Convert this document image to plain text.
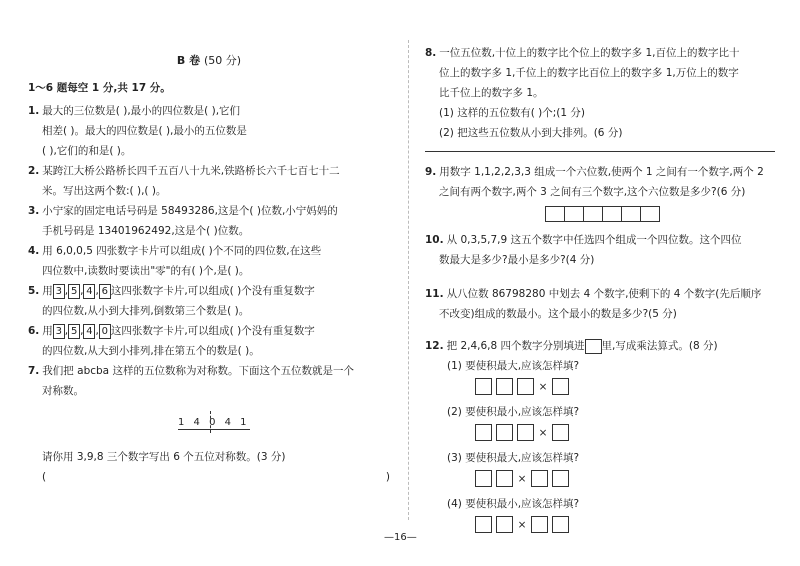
B 卷 (50 分)
1～6 题每空 1 分,共 17 分。
1. 最大的三位数是( ),最小的四位数是( ),它们
相差( )。最大的四位数是( ),最小的五位数是
( ),它们的和是( )。
2. 某跨江大桥公路桥长四千五百八十九米,铁路桥长六千七百七十二
米。写出这两个数:( ),( )。
3. 小宁家的固定电话号码是 58493286,这是个( )位数,小宁妈妈的
手机号码是 13401962492,这是个( )位数。
4. 用 6,0,0,5 四张数字卡片可以组成( )个不同的四位数,在这些
四位数中,读数时要读出"零"的有( )个,是( )。
5. 用 3 , 5 , 4 , 6 这四张数字卡片,可以组成( )个没有重复数字
的四位数,从小到大排列,倒数第三个数是( )。
6. 用 3 , 5 , 4 , 0 这四张数字卡片,可以组成( )个没有重复数字
的四位数,从大到小排列,排在第五个的数是( )。
7. 我们把 abcba 这样的五位数称为对称数。下面这个五位数就是一个
对称数。
1 4 0 4 1
请你用 3,9,8 三个数字写出 6 个五位对称数。(3 分)
(	)
8. 一位五位数,十位上的数字比个位上的数字多 1,百位上的数字比十
位上的数字多 1,千位上的数字比百位上的数字多 1,万位上的数字
比千位上的数字多 1。
(1) 这样的五位数有( )个;(1 分)
(2) 把这些五位数从小到大排列。(6 分)
9. 用数字 1,1,2,2,3,3 组成一个六位数,使两个 1 之间有一个数字,两个 2
之间有两个数字,两个 3 之间有三个数字,这个六位数是多少?(6 分)
10. 从 0,3,5,7,9 这五个数字中任选四个组成一个四位数。这个四位
数最大是多少?最小是多少?(4 分)
11. 从八位数 86798280 中划去 4 个数字,使剩下的 4 个数字(先后顺序
不改变)组成的数最小。这个最小的数是多少?(5 分)
12. 把 2,4,6,8 四个数字分别填进 里,写成乘法算式。(8 分)
(1) 要使积最大,应该怎样填?
×
(2) 要使积最小,应该怎样填?
×
(3) 要使积最大,应该怎样填?
×
(4) 要使积最小,应该怎样填?
×
—16—
